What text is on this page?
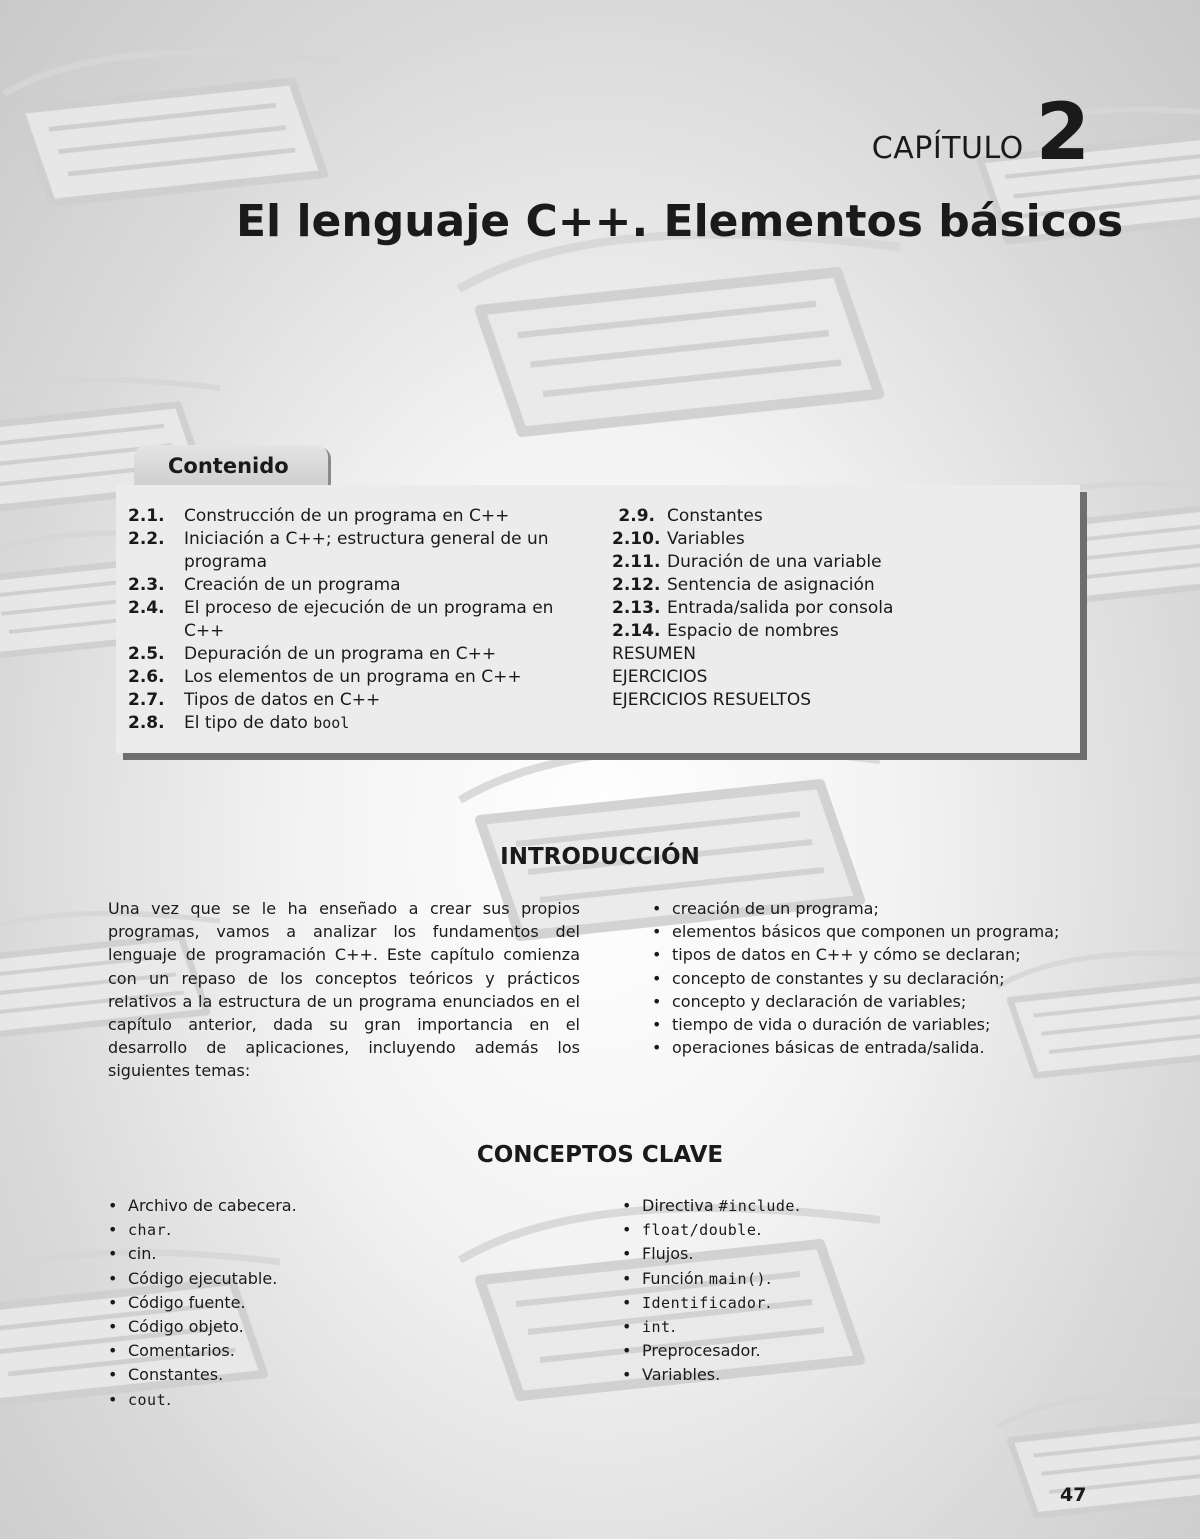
CAPÍTULO 2
El lenguaje C++. Elementos básicos
Contenido
2.1. Construcción de un programa en C++
2.2. Iniciación a C++; estructura general de un programa
2.3. Creación de un programa
2.4. El proceso de ejecución de un programa en C++
2.5. Depuración de un programa en C++
2.6. Los elementos de un programa en C++
2.7. Tipos de datos en C++
2.8. El tipo de dato bool
2.9. Constantes
2.10. Variables
2.11. Duración de una variable
2.12. Sentencia de asignación
2.13. Entrada/salida por consola
2.14. Espacio de nombres
RESUMEN
EJERCICIOS
EJERCICIOS RESUELTOS
INTRODUCCIÓN
Una vez que se le ha enseñado a crear sus propios programas, vamos a analizar los fundamentos del lenguaje de programación C++. Este capítulo comienza con un repaso de los conceptos teóricos y prácticos relativos a la estructura de un programa enunciados en el capítulo anterior, dada su gran importancia en el desarrollo de aplicaciones, incluyendo además los siguientes temas:
• creación de un programa;
• elementos básicos que componen un programa;
• tipos de datos en C++ y cómo se declaran;
• concepto de constantes y su declaración;
• concepto y declaración de variables;
• tiempo de vida o duración de variables;
• operaciones básicas de entrada/salida.
CONCEPTOS CLAVE
• Archivo de cabecera.
• char.
• cin.
• Código ejecutable.
• Código fuente.
• Código objeto.
• Comentarios.
• Constantes.
• cout.
• Directiva #include.
• float/double.
• Flujos.
• Función main().
• Identificador.
• int.
• Preprocesador.
• Variables.
47
